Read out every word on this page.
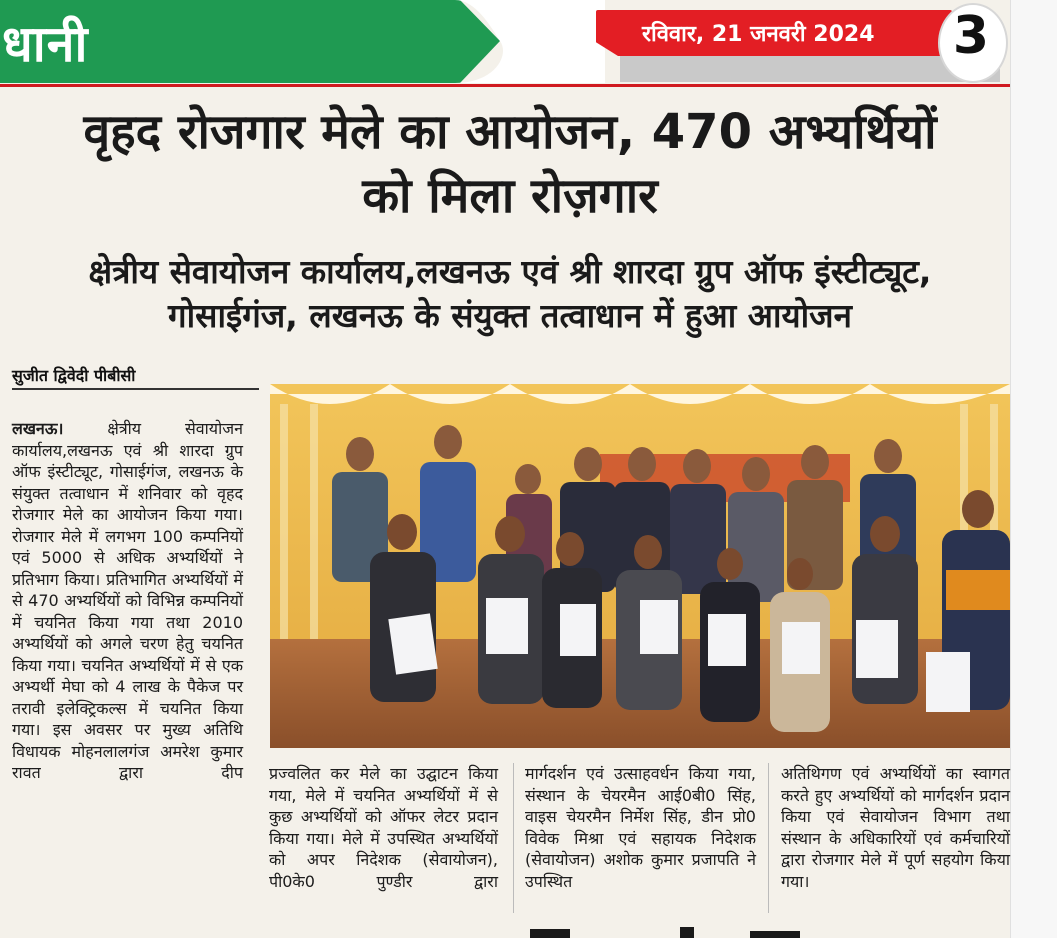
धानी	रविवार, 21 जनवरी 2024 3
वृहद रोजगार मेले का आयोजन, 470 अभ्यर्थियों
को मिला रोज़गार
क्षेत्रीय सेवायोजन कार्यालय,लखनऊ एवं श्री शारदा ग्रुप ऑफ इंस्टीट्यूट,
गोसाईगंज, लखनऊ के संयुक्त तत्वाधान में हुआ आयोजन
सुजीत द्विवेदी पीबीसी
लखनऊ।	क्षेत्रीय सेवायोजन कार्यालय,लखनऊ एवं श्री शारदा ग्रुप ऑफ इंस्टीट्यूट, गोसाईगंज, लखनऊ के संयुक्त तत्वाधान में शनिवार को वृहद रोजगार मेले का आयोजन किया गया। रोजगार मेले में लगभग 100 कम्पनियों एवं 5000 से अधिक अभ्यर्थियों ने प्रतिभाग किया। प्रतिभागित अभ्यर्थियों में से 470 अभ्यर्थियों को विभिन्न कम्पनियों में चयनित किया गया तथा 2010 अभ्यर्थियों को अगले चरण हेतु चयनित किया गया। चयनित अभ्यर्थियों में से एक अभ्यर्थी मेघा को 4 लाख के पैकेज पर तरावी इलेक्ट्रिकल्स में चयनित किया गया। इस अवसर पर मुख्य अतिथि विधायक मोहनलालगंज अमरेश कुमार रावत द्वारा दीप प्रज्वलित कर मेले का उद्घाटन किया गया, मेले में चयनित अभ्यर्थियों में से कुछ अभ्यर्थियों को ऑफर लेटर प्रदान किया गया। मेले में उपस्थित अभ्यर्थियों को अपर निदेशक (सेवायोजन), पी0के0 पुण्डीर द्वारा
मार्गदर्शन एवं उत्साहवर्धन किया गया, संस्थान के चेयरमैन आई0बी0 सिंह, वाइस चेयरमैन निर्मेश सिंह, डीन प्रो0 विवेक मिश्रा एवं सहायक निदेशक (सेवायोजन) अशोक कुमार प्रजापति ने उपस्थित
अतिथिगण एवं अभ्यर्थियों का स्वागत करते हुए अभ्यर्थियों को मार्गदर्शन प्रदान किया एवं सेवायोजन विभाग तथा संस्थान के अधिकारियों एवं कर्मचारियों द्वारा रोजगार मेले में पूर्ण सहयोग किया गया।
